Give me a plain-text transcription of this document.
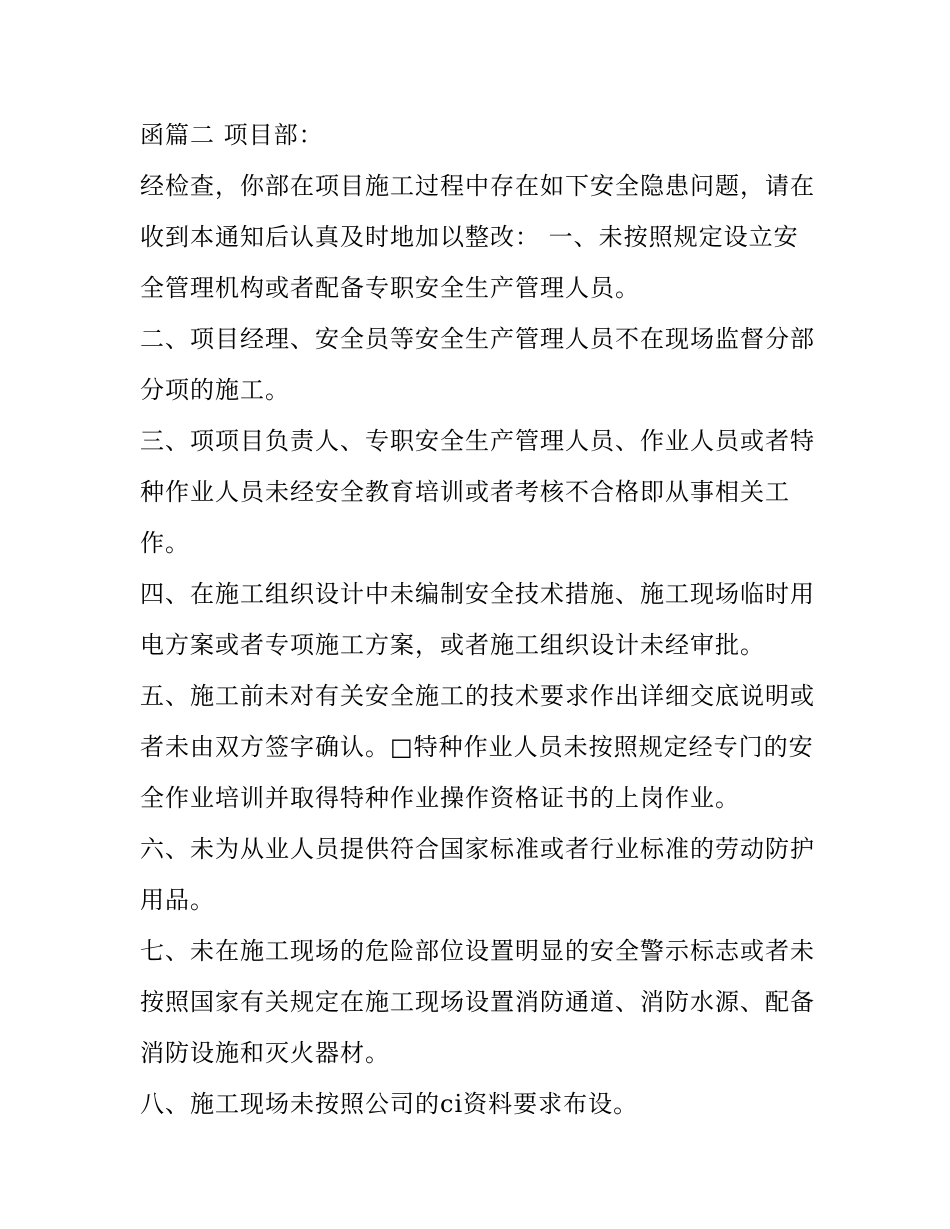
函篇二 项目部：

经检查，你部在项目施工过程中存在如下安全隐患问题，请在收到本通知后认真及时地加以整改： 一、未按照规定设立安全管理机构或者配备专职安全生产管理人员。

二、项目经理、安全员等安全生产管理人员不在现场监督分部分项的施工。

三、项项目负责人、专职安全生产管理人员、作业人员或者特种作业人员未经安全教育培训或者考核不合格即从事相关工作。

四、在施工组织设计中未编制安全技术措施、施工现场临时用电方案或者专项施工方案，或者施工组织设计未经审批。

五、施工前未对有关安全施工的技术要求作出详细交底说明或者未由双方签字确认。□特种作业人员未按照规定经专门的安全作业培训并取得特种作业操作资格证书的上岗作业。

六、未为从业人员提供符合国家标准或者行业标准的劳动防护用品。

七、未在施工现场的危险部位设置明显的安全警示标志或者未按照国家有关规定在施工现场设置消防通道、消防水源、配备消防设施和灭火器材。

八、施工现场未按照公司的ci资料要求布设。
